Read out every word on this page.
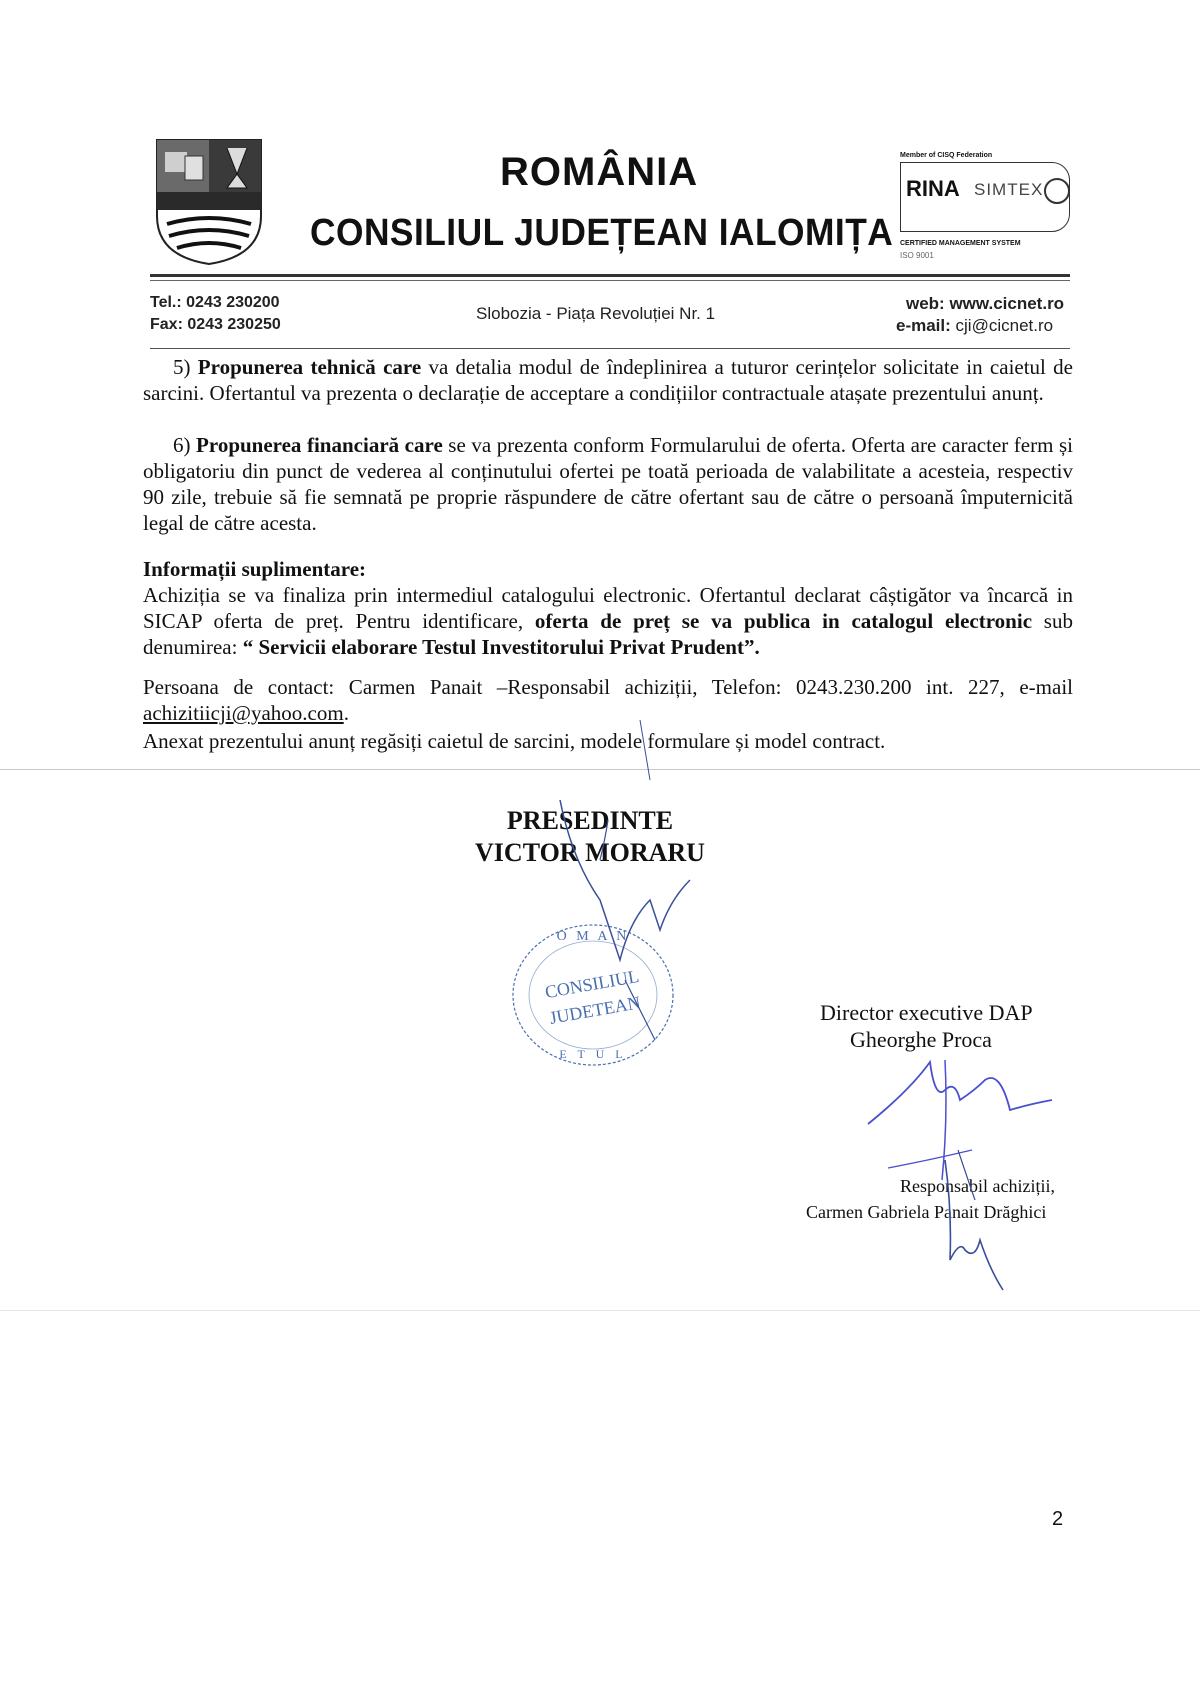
ROMÂNIA
CONSILIUL JUDEȚEAN IALOMIȚA
Member of CISQ Federation
RINA SIMTEX
CERTIFIED MANAGEMENT SYSTEM
ISO 9001
Tel.: 0243 230200
Fax: 0243 230250
Slobozia - Piața Revoluției Nr. 1
web: www.cicnet.ro
e-mail: cji@cicnet.ro
5) Propunerea tehnică care va detalia modul de îndeplinirea a tuturor cerințelor solicitate in caietul de sarcini. Ofertantul va prezenta o declarație de acceptare a condițiilor contractuale atașate prezentului anunț.
6) Propunerea financiară care se va prezenta conform Formularului de oferta. Oferta are caracter ferm și obligatoriu din punct de vederea al conținutului ofertei pe toată perioada de valabilitate a acesteia, respectiv 90 zile, trebuie să fie semnată pe proprie răspundere de către ofertant sau de către o persoană împuternicită legal de către acesta.
Informații suplimentare:
Achiziția se va finaliza prin intermediul catalogului electronic. Ofertantul declarat câștigător va încarcă in SICAP oferta de preț. Pentru identificare, oferta de preț se va publica in catalogul electronic sub denumirea: “ Servicii elaborare Testul Investitorului Privat Prudent”.
Persoana de contact: Carmen Panait –Responsabil achiziții, Telefon: 0243.230.200 int. 227, e-mail achizitiicji@yahoo.com.
Anexat prezentului anunț regăsiți caietul de sarcini, modele formulare și model contract.
PRESEDINTE
VICTOR MORARU
O M A N
CONSILIUL
JUDETEAN
E T U L
Director executive DAP
Gheorghe Proca
Responsabil achiziții,
Carmen Gabriela Panait Drăghici
2
